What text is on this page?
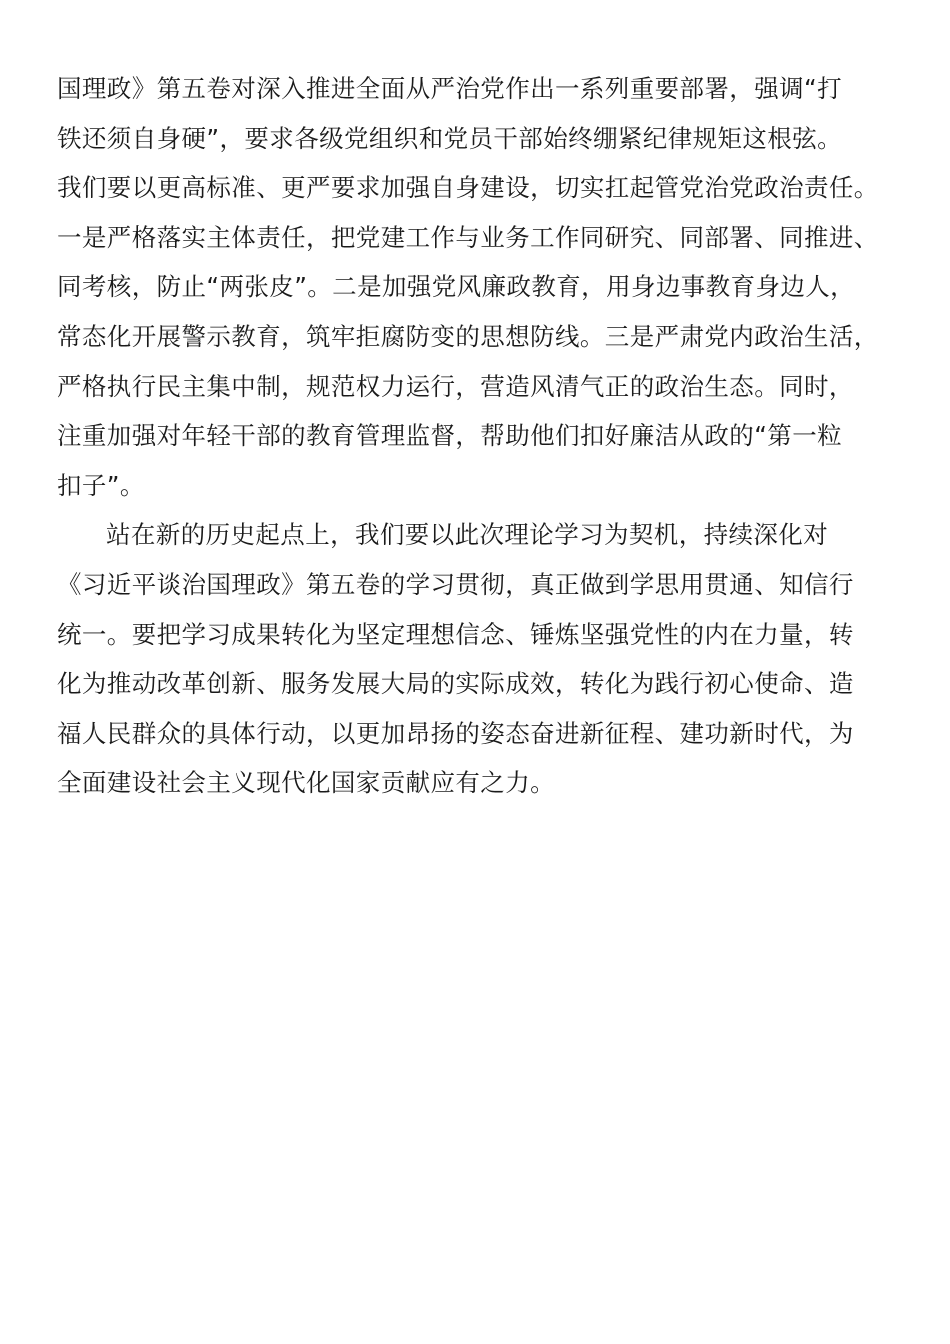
国理政》第五卷对深入推进全面从严治党作出一系列重要部署，强调“打
铁还须自身硬”，要求各级党组织和党员干部始终绷紧纪律规矩这根弦。
我们要以更高标准、更严要求加强自身建设，切实扛起管党治党政治责任。
一是严格落实主体责任，把党建工作与业务工作同研究、同部署、同推进、
同考核，防止“两张皮”。二是加强党风廉政教育，用身边事教育身边人，
常态化开展警示教育，筑牢拒腐防变的思想防线。三是严肃党内政治生活，
严格执行民主集中制，规范权力运行，营造风清气正的政治生态。同时，
注重加强对年轻干部的教育管理监督，帮助他们扣好廉洁从政的“第一粒
扣子”。
站在新的历史起点上，我们要以此次理论学习为契机，持续深化对
《习近平谈治国理政》第五卷的学习贯彻，真正做到学思用贯通、知信行
统一。要把学习成果转化为坚定理想信念、锤炼坚强党性的内在力量，转
化为推动改革创新、服务发展大局的实际成效，转化为践行初心使命、造
福人民群众的具体行动，以更加昂扬的姿态奋进新征程、建功新时代，为
全面建设社会主义现代化国家贡献应有之力。
